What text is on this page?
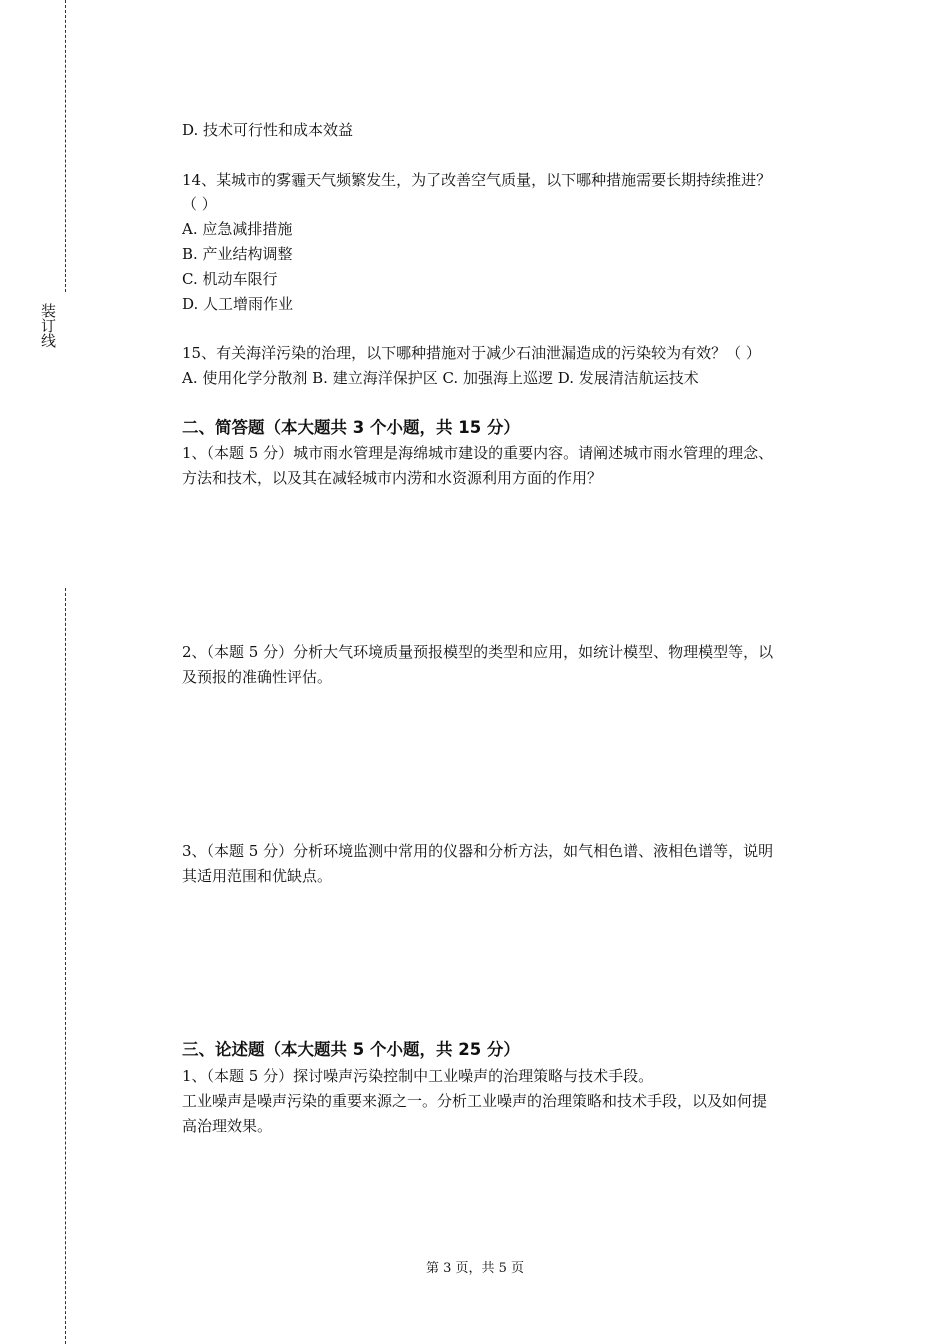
装订线
D. 技术可行性和成本效益
14、某城市的雾霾天气频繁发生，为了改善空气质量，以下哪种措施需要长期持续推进？
（ ）
A. 应急减排措施
B. 产业结构调整
C. 机动车限行
D. 人工增雨作业
15、有关海洋污染的治理，以下哪种措施对于减少石油泄漏造成的污染较为有效？（ ）
A. 使用化学分散剂 B. 建立海洋保护区 C. 加强海上巡逻 D. 发展清洁航运技术
二、简答题（本大题共 3 个小题，共 15 分）
1、（本题 5 分）城市雨水管理是海绵城市建设的重要内容。请阐述城市雨水管理的理念、
方法和技术，以及其在减轻城市内涝和水资源利用方面的作用？
2、（本题 5 分）分析大气环境质量预报模型的类型和应用，如统计模型、物理模型等，以
及预报的准确性评估。
3、（本题 5 分）分析环境监测中常用的仪器和分析方法，如气相色谱、液相色谱等，说明
其适用范围和优缺点。
三、论述题（本大题共 5 个小题，共 25 分）
1、（本题 5 分）探讨噪声污染控制中工业噪声的治理策略与技术手段。
工业噪声是噪声污染的重要来源之一。分析工业噪声的治理策略和技术手段，以及如何提
高治理效果。
第 3 页，共 5 页
